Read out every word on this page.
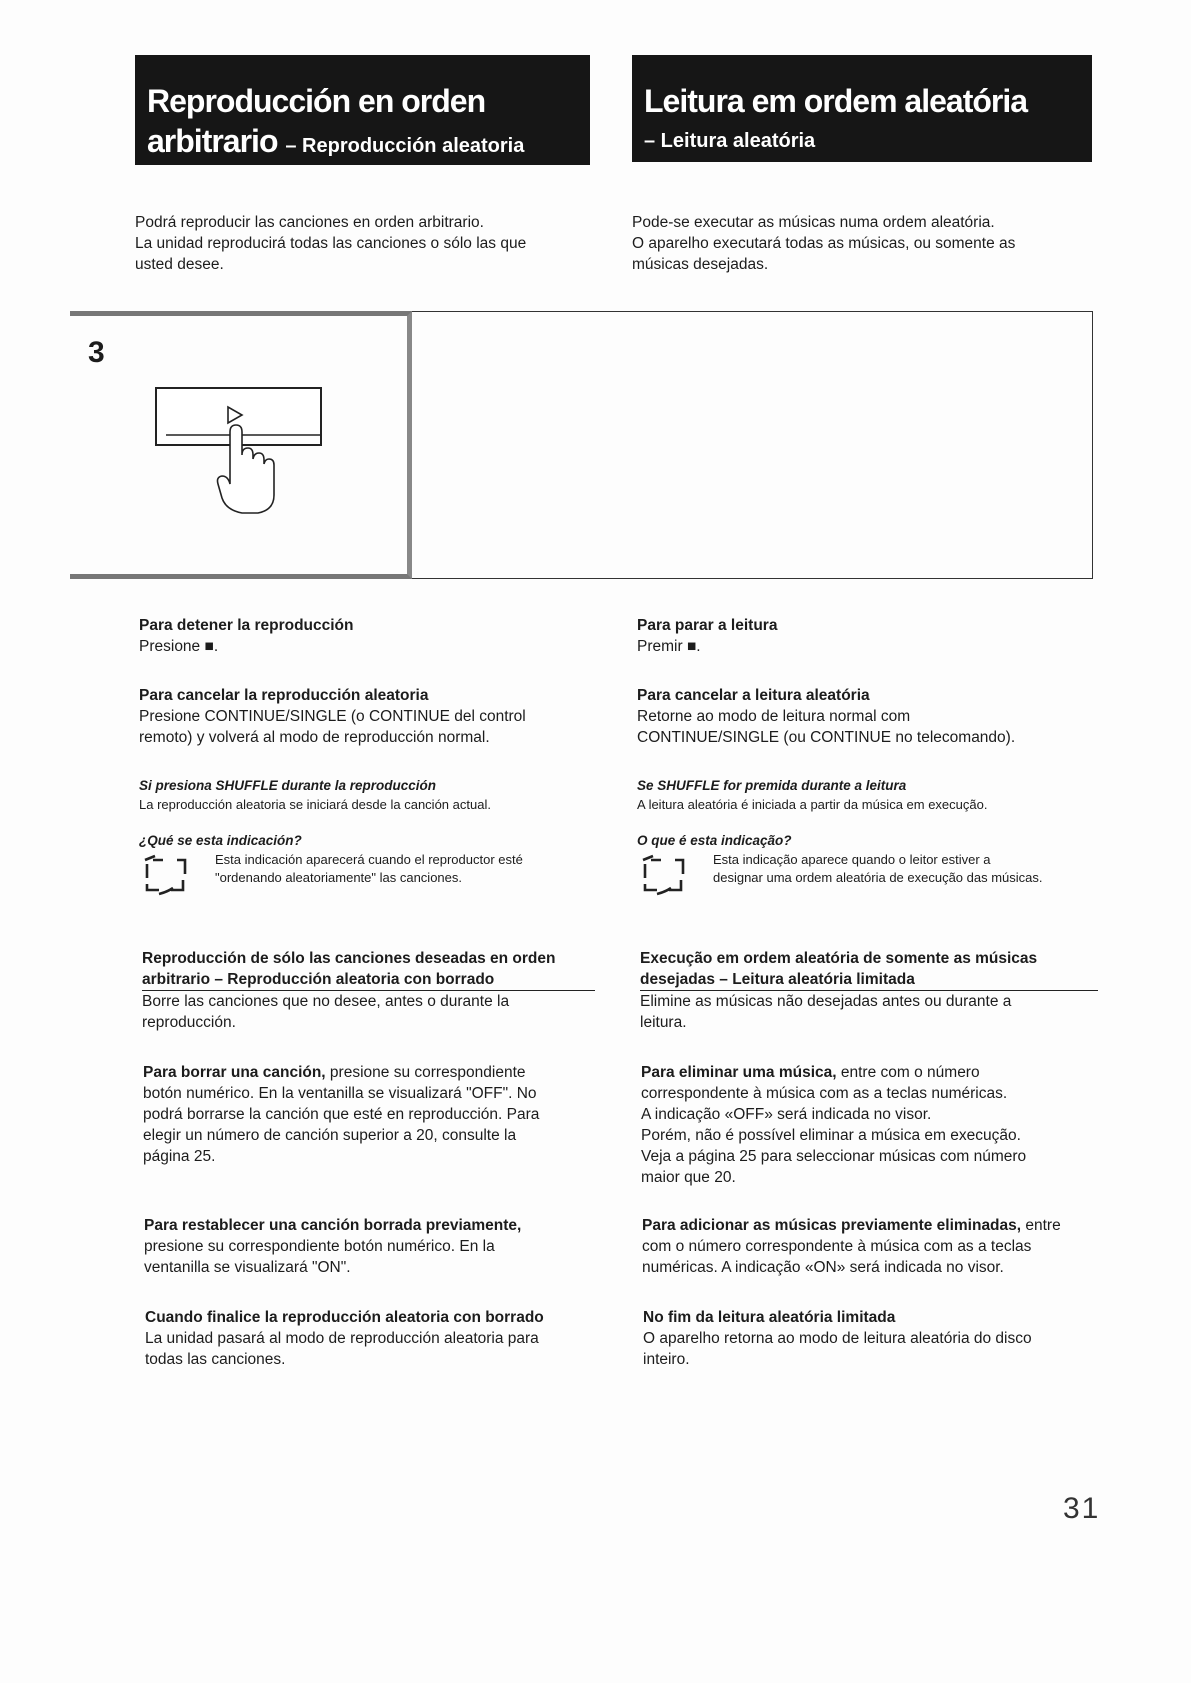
Reproducción en orden
arbitrario – Reproducción aleatoria
Leitura em ordem aleatória
– Leitura aleatória
Podrá reproducir las canciones en orden arbitrario.
La unidad reproducirá todas las canciones o sólo las que
usted desee.
Pode-se executar as músicas numa ordem aleatória.
O aparelho executará todas as músicas, ou somente as
músicas desejadas.
3
Para detener la reproducción
Presione ■.
Para cancelar la reproducción aleatoria
Presione CONTINUE/SINGLE (o CONTINUE del control
remoto) y volverá al modo de reproducción normal.
Si presiona SHUFFLE durante la reproducción
La reproducción aleatoria se iniciará desde la canción actual.
¿Qué se esta indicación?
Esta indicación aparecerá cuando el reproductor esté
"ordenando aleatoriamente" las canciones.
Reproducción de sólo las canciones deseadas en orden
arbitrario – Reproducción aleatoria con borrado
Borre las canciones que no desee, antes o durante la
reproducción.
Para borrar una canción, presione su correspondiente
botón numérico. En la ventanilla se visualizará "OFF". No
podrá borrarse la canción que esté en reproducción. Para
elegir un número de canción superior a 20, consulte la
página 25.
Para restablecer una canción borrada previamente,
presione su correspondiente botón numérico. En la
ventanilla se visualizará "ON".
Cuando finalice la reproducción aleatoria con borrado
La unidad pasará al modo de reproducción aleatoria para
todas las canciones.
Para parar a leitura
Premir ■.
Para cancelar a leitura aleatória
Retorne ao modo de leitura normal com
CONTINUE/SINGLE (ou CONTINUE no telecomando).
Se SHUFFLE for premida durante a leitura
A leitura aleatória é iniciada a partir da música em execução.
O que é esta indicação?
Esta indicação aparece quando o leitor estiver a
designar uma ordem aleatória de execução das músicas.
Execução em ordem aleatória de somente as músicas
desejadas – Leitura aleatória limitada
Elimine as músicas não desejadas antes ou durante a
leitura.
Para eliminar uma música, entre com o número
correspondente à música com as a teclas numéricas.
A indicação «OFF» será indicada no visor.
Porém, não é possível eliminar a música em execução.
Veja a página 25 para seleccionar músicas com número
maior que 20.
Para adicionar as músicas previamente eliminadas, entre
com o número correspondente à música com as a teclas
numéricas. A indicação «ON» será indicada no visor.
No fim da leitura aleatória limitada
O aparelho retorna ao modo de leitura aleatória do disco
inteiro.
31
